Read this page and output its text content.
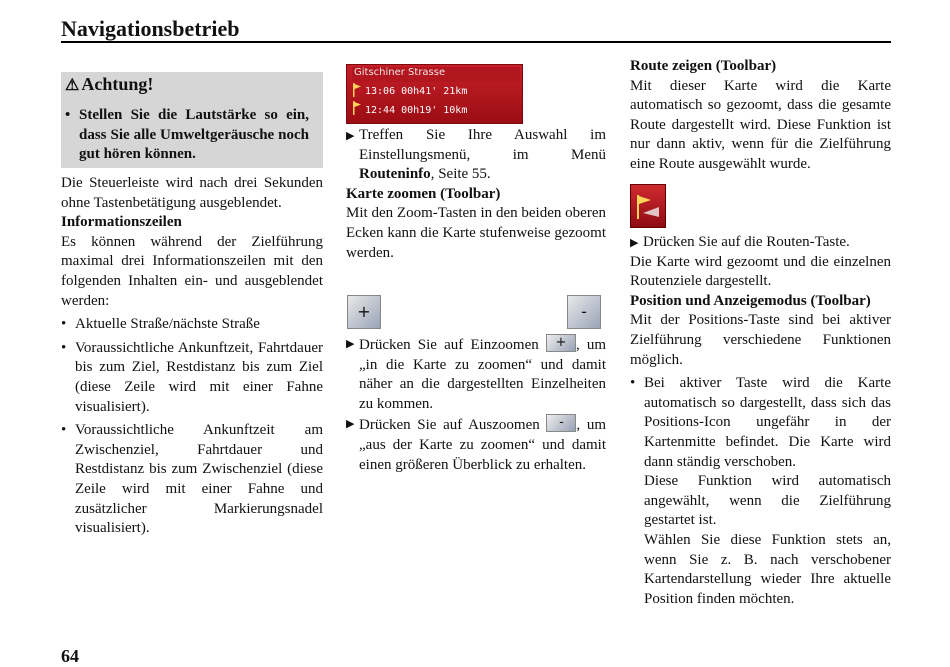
Navigationsbetrieb
⚠ Achtung!
• Stellen Sie die Lautstärke so ein, dass Sie alle Umweltgeräusche noch gut hören können.

Die Steuerleiste wird nach drei Sekunden ohne Tastenbetätigung ausgeblendet.

Informationszeilen

Es können während der Zielführung maximal drei Informationszeilen mit den folgenden Inhalten ein- und ausgeblendet werden:

• Aktuelle Straße/nächste Straße
• Voraussichtliche Ankunftzeit, Fahrtdauer bis zum Ziel, Restdistanz bis zum Ziel (diese Zeile wird mit einer Fahne visualisiert).
• Voraussichtliche Ankunftzeit am Zwischenziel, Fahrtdauer und Restdistanz bis zum Zwischenziel (diese Zeile wird mit einer Fahne und zusätzlicher Markierungsnadel visualisiert).
Gitschiner Strasse
13:06 00h41' 21km
12:44 00h19' 10km

▶ Treffen Sie Ihre Auswahl im Einstellungsmenü, im Menü Routeninfo, Seite 55.

Karte zoomen (Toolbar)

Mit den Zoom-Tasten in den beiden oberen Ecken kann die Karte stufenweise gezoomt werden.

+	-

▶ Drücken Sie auf Einzoomen	+ , um „in die Karte zu zoomen“ und damit näher an die dargestellten Einzelheiten zu kommen.

▶ Drücken Sie auf Auszoomen	- , um „aus der Karte zu zoomen“ und damit einen größeren Überblick zu erhalten.

Route zeigen (Toolbar)

Mit dieser Karte wird die Karte automatisch so gezoomt, dass die gesamte Route dargestellt wird. Diese Funktion ist nur dann aktiv, wenn für die Zielführung eine Route ausgewählt wurde.

▶ Drücken Sie auf die Routen-Taste.

Die Karte wird gezoomt und die einzelnen Routenziele dargestellt.

Position und Anzeigemodus (Toolbar)

Mit der Positions-Taste sind bei aktiver Zielführung verschiedene Funktionen möglich.

• Bei aktiver Taste wird die Karte automatisch so dargestellt, dass sich das Positions-Icon ungefähr in der Kartenmitte befindet. Die Karte wird dann ständig verschoben.
Diese Funktion wird automatisch angewählt, wenn die Zielführung gestartet ist.
Wählen Sie diese Funktion stets an, wenn Sie z. B. nach verschobener Kartendarstellung wieder Ihre aktuelle Position finden möchten.
64
